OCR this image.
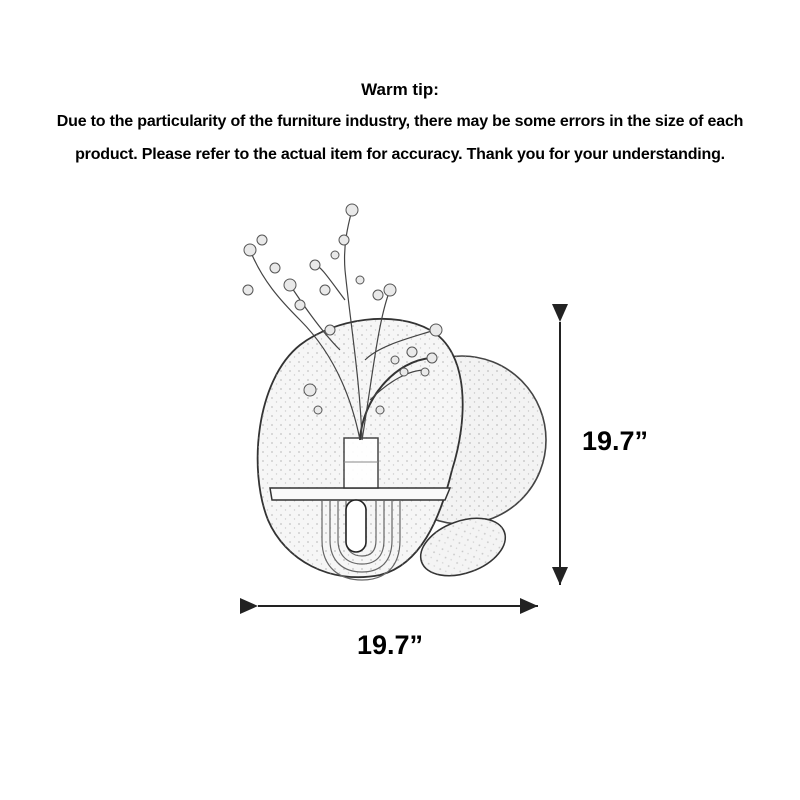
Warm tip:
Due to the particularity of the furniture industry, there may be some errors in the size of each
product. Please refer to the actual item for accuracy. Thank you for your understanding.
19.7”
19.7”
